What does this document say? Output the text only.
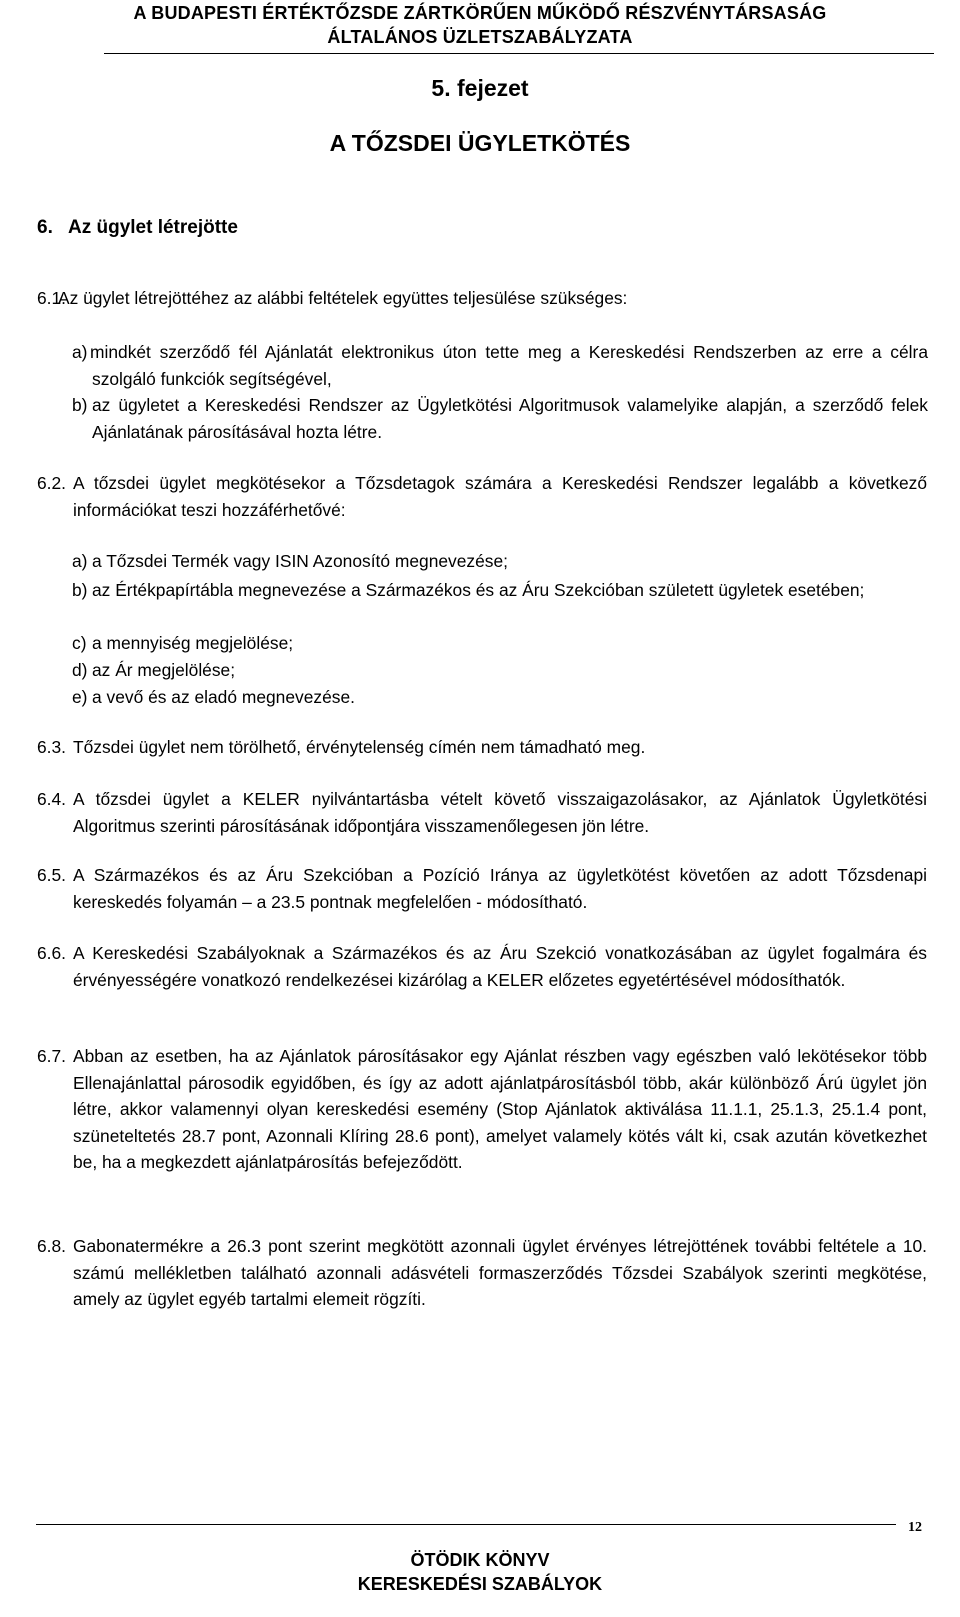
A BUDAPESTI ÉRTÉKTŐZSDE ZÁRTKÖRŰEN MŰKÖDŐ RÉSZVÉNYTÁRSASÁG
ÁLTALÁNOS ÜZLETSZABÁLYZATA
5. fejezet
A TŐZSDEI ÜGYLETKÖTÉS
6.   Az ügylet létrejötte
6.1.
Az ügylet létrejöttéhez az alábbi feltételek együttes teljesülése szükséges:
a) mindkét szerződő fél Ajánlatát elektronikus úton tette meg a Kereskedési Rendszerben az erre a célra szolgáló funkciók segítségével,
b) az ügyletet a Kereskedési Rendszer az Ügyletkötési Algoritmusok valamelyike alapján, a szerződő felek Ajánlatának párosításával hozta létre.
6.2. A tőzsdei ügylet megkötésekor a Tőzsdetagok számára a Kereskedési Rendszer legalább a következő információkat teszi hozzáférhetővé:
a) a Tőzsdei Termék vagy ISIN Azonosító megnevezése;
b) az Értékpapírtábla megnevezése a Származékos és az Áru Szekcióban született ügyletek esetében;
c) a mennyiség megjelölése;
d) az Ár megjelölése;
e) a vevő és az eladó megnevezése.
6.3. Tőzsdei ügylet nem törölhető, érvénytelenség címén nem támadható meg.
6.4. A tőzsdei ügylet a KELER nyilvántartásba vételt követő visszaigazolásakor, az Ajánlatok Ügyletkötési Algoritmus szerinti párosításának időpontjára visszamenőlegesen jön létre.
6.5. A Származékos és az Áru Szekcióban a Pozíció Iránya az ügyletkötést követően az adott Tőzsdenapi kereskedés folyamán – a 23.5 pontnak megfelelően - módosítható.
6.6. A Kereskedési Szabályoknak a Származékos és az Áru Szekció vonatkozásában az ügylet fogalmára és érvényességére vonatkozó rendelkezései kizárólag a KELER előzetes egyetértésével módosíthatók.
6.7. Abban az esetben, ha az Ajánlatok párosításakor egy Ajánlat részben vagy egészben való lekötésekor több Ellenajánlattal párosodik egyidőben, és így az adott ajánlatpárosításból több, akár különböző Árú ügylet jön létre, akkor valamennyi olyan kereskedési esemény (Stop Ajánlatok aktiválása 11.1.1, 25.1.3, 25.1.4 pont, szüneteltetés 28.7 pont, Azonnali Klíring 28.6 pont), amelyet valamely kötés vált ki, csak azután következhet be, ha a megkezdett ajánlatpárosítás befejeződött.
6.8. Gabonatermékre a 26.3 pont szerint megkötött azonnali ügylet érvényes létrejöttének további feltétele a 10. számú mellékletben található azonnali adásvételi formaszerződés Tőzsdei Szabályok szerinti megkötése, amely az ügylet egyéb tartalmi elemeit rögzíti.
12
ÖTÖDIK KÖNYV
KERESKEDÉSI SZABÁLYOK
